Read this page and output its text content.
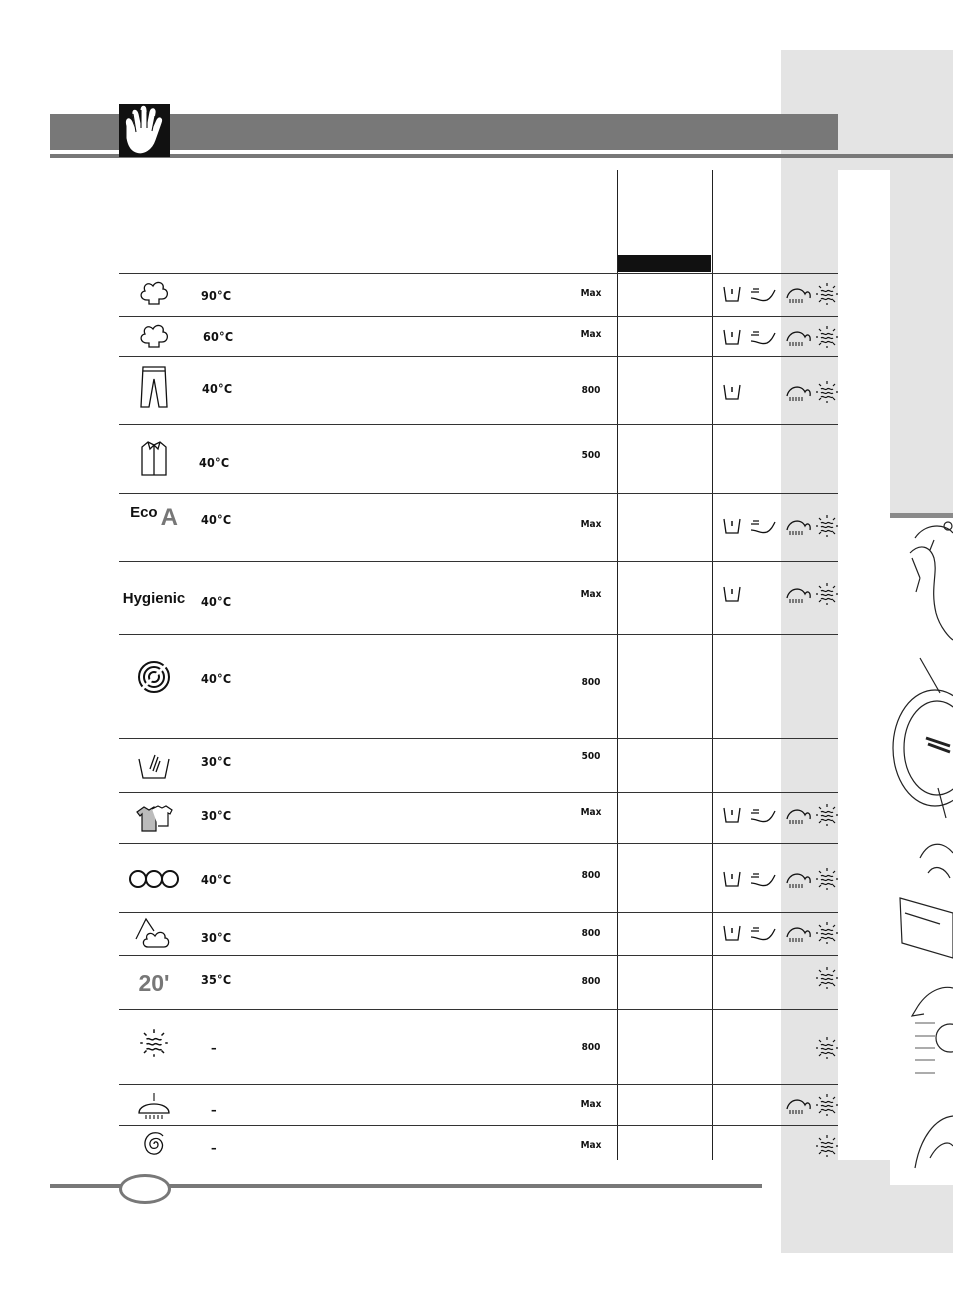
90°C	Max
60°C	Max
40°C	800
40°C	500
Eco A 40°C	Max
Hygienic 40°C	Max
40°C	800
30°C	500
30°C	Max
40°C	800
30°C	800
20'	35°C	800
–	800
–	Max
–	Max
